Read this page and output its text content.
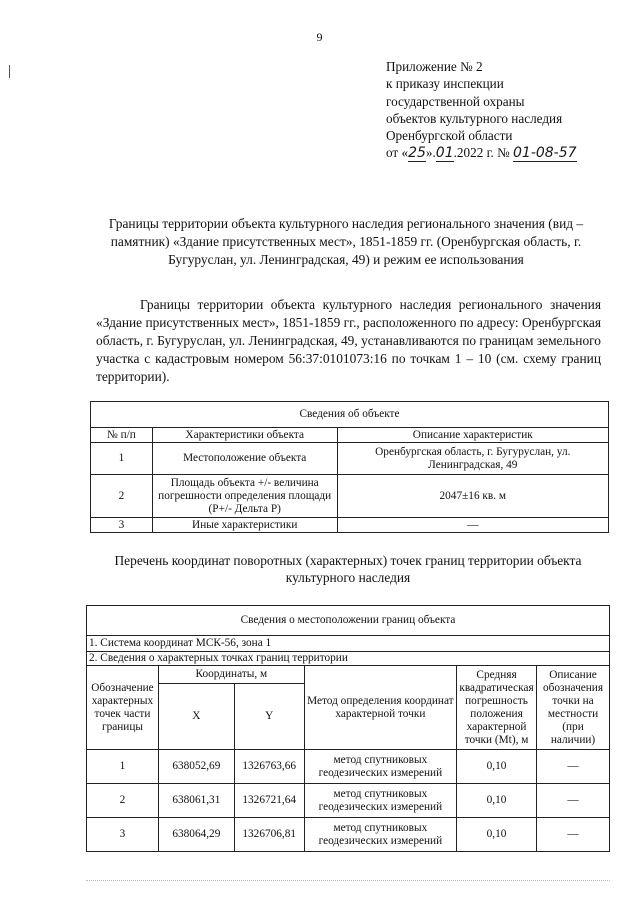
9
Приложение № 2
к приказу инспекции
государственной охраны
объектов культурного наследия
Оренбургской области
от «25».01.2022 г. № 01-08-57
Границы территории объекта культурного наследия регионального значения (вид – памятник) «Здание присутственных мест», 1851-1859 гг. (Оренбургская область, г. Бугуруслан, ул. Ленинградская, 49) и режим ее использования
Границы территории объекта культурного наследия регионального значения «Здание присутственных мест», 1851-1859 гг., расположенного по адресу: Оренбургская область, г. Бугуруслан, ул. Ленинградская, 49, устанавливаются по границам земельного участка с кадастровым номером 56:37:0101073:16 по точкам 1 – 10 (см. схему границ территории).
Сведения об объекте		
№ п/п	Характеристики объекта	Описание характеристик
1	Местоположение объекта	Оренбургская область, г. Бугуруслан, ул. Ленинградская, 49
2	Площадь объекта +/- величина погрешности определения площади (Р+/- Дельта Р)	2047±16 кв. м
3	Иные характеристики	—
Перечень координат поворотных (характерных) точек границ территории объекта культурного наследия
Сведения о местоположении границ объекта					
1. Система координат МСК-56, зона 1					
2. Сведения о характерных точках границ территории					
Обозначение характерных точек части границы	Координаты, м		Метод определения координат характерной точки	Средняя квадратическая погрешность положения характерной точки (Mt), м	Описание обозначения точки на местности (при наличии)
	X	Y			
1	638052,69	1326763,66	метод спутниковых геодезических измерений	0,10	—
2	638061,31	1326721,64	метод спутниковых геодезических измерений	0,10	—
3	638064,29	1326706,81	метод спутниковых геодезических измерений	0,10	—
